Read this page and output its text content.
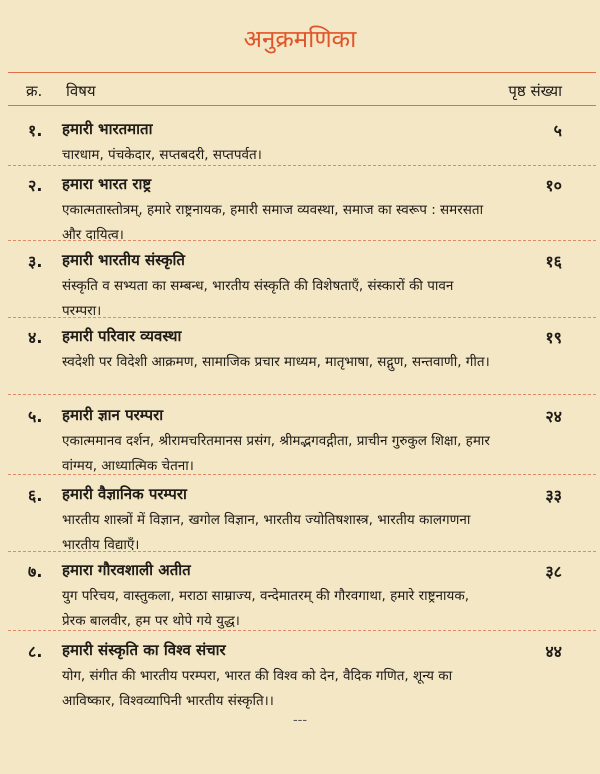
अनुक्रमणिका
क्र. विषय	पृष्ठ संख्या
१. हमारी भारतमाता	५
चारधाम, पंचकेदार, सप्तबदरी, सप्तपर्वत।
२. हमारा भारत राष्ट्र	१०
एकात्मतास्तोत्रम्, हमारे राष्ट्रनायक, हमारी समाज व्यवस्था, समाज का स्वरूप : समरसता और दायित्व।
३. हमारी भारतीय संस्कृति	१६
संस्कृति व सभ्यता का सम्बन्ध, भारतीय संस्कृति की विशेषताएँ, संस्कारों की पावन परम्परा।
४. हमारी परिवार व्यवस्था	१९
स्वदेशी पर विदेशी आक्रमण, सामाजिक प्रचार माध्यम, मातृभाषा, सद्गुण, सन्तवाणी, गीत।
५. हमारी ज्ञान परम्परा	२४
एकात्ममानव दर्शन, श्रीरामचरितमानस प्रसंग, श्रीमद्भगवद्गीता, प्राचीन गुरुकुल शिक्षा, हमार वांग्मय, आध्यात्मिक चेतना।
६. हमारी वैज्ञानिक परम्परा	३३
भारतीय शास्त्रों में विज्ञान, खगोल विज्ञान, भारतीय ज्योतिषशास्त्र, भारतीय कालगणना भारतीय विद्याएँ।
७. हमारा गौरवशाली अतीत	३८
युग परिचय, वास्तुकला, मराठा साम्राज्य, वन्देमातरम् की गौरवगाथा, हमारे राष्ट्रनायक, प्रेरक बालवीर, हम पर थोपे गये युद्ध।
८. हमारी संस्कृति का विश्व संचार	४४
योग, संगीत की भारतीय परम्परा, भारत की विश्व को देन, वैदिक गणित, शून्य का आविष्कार, विश्वव्यापिनी भारतीय संस्कृति।।
---
